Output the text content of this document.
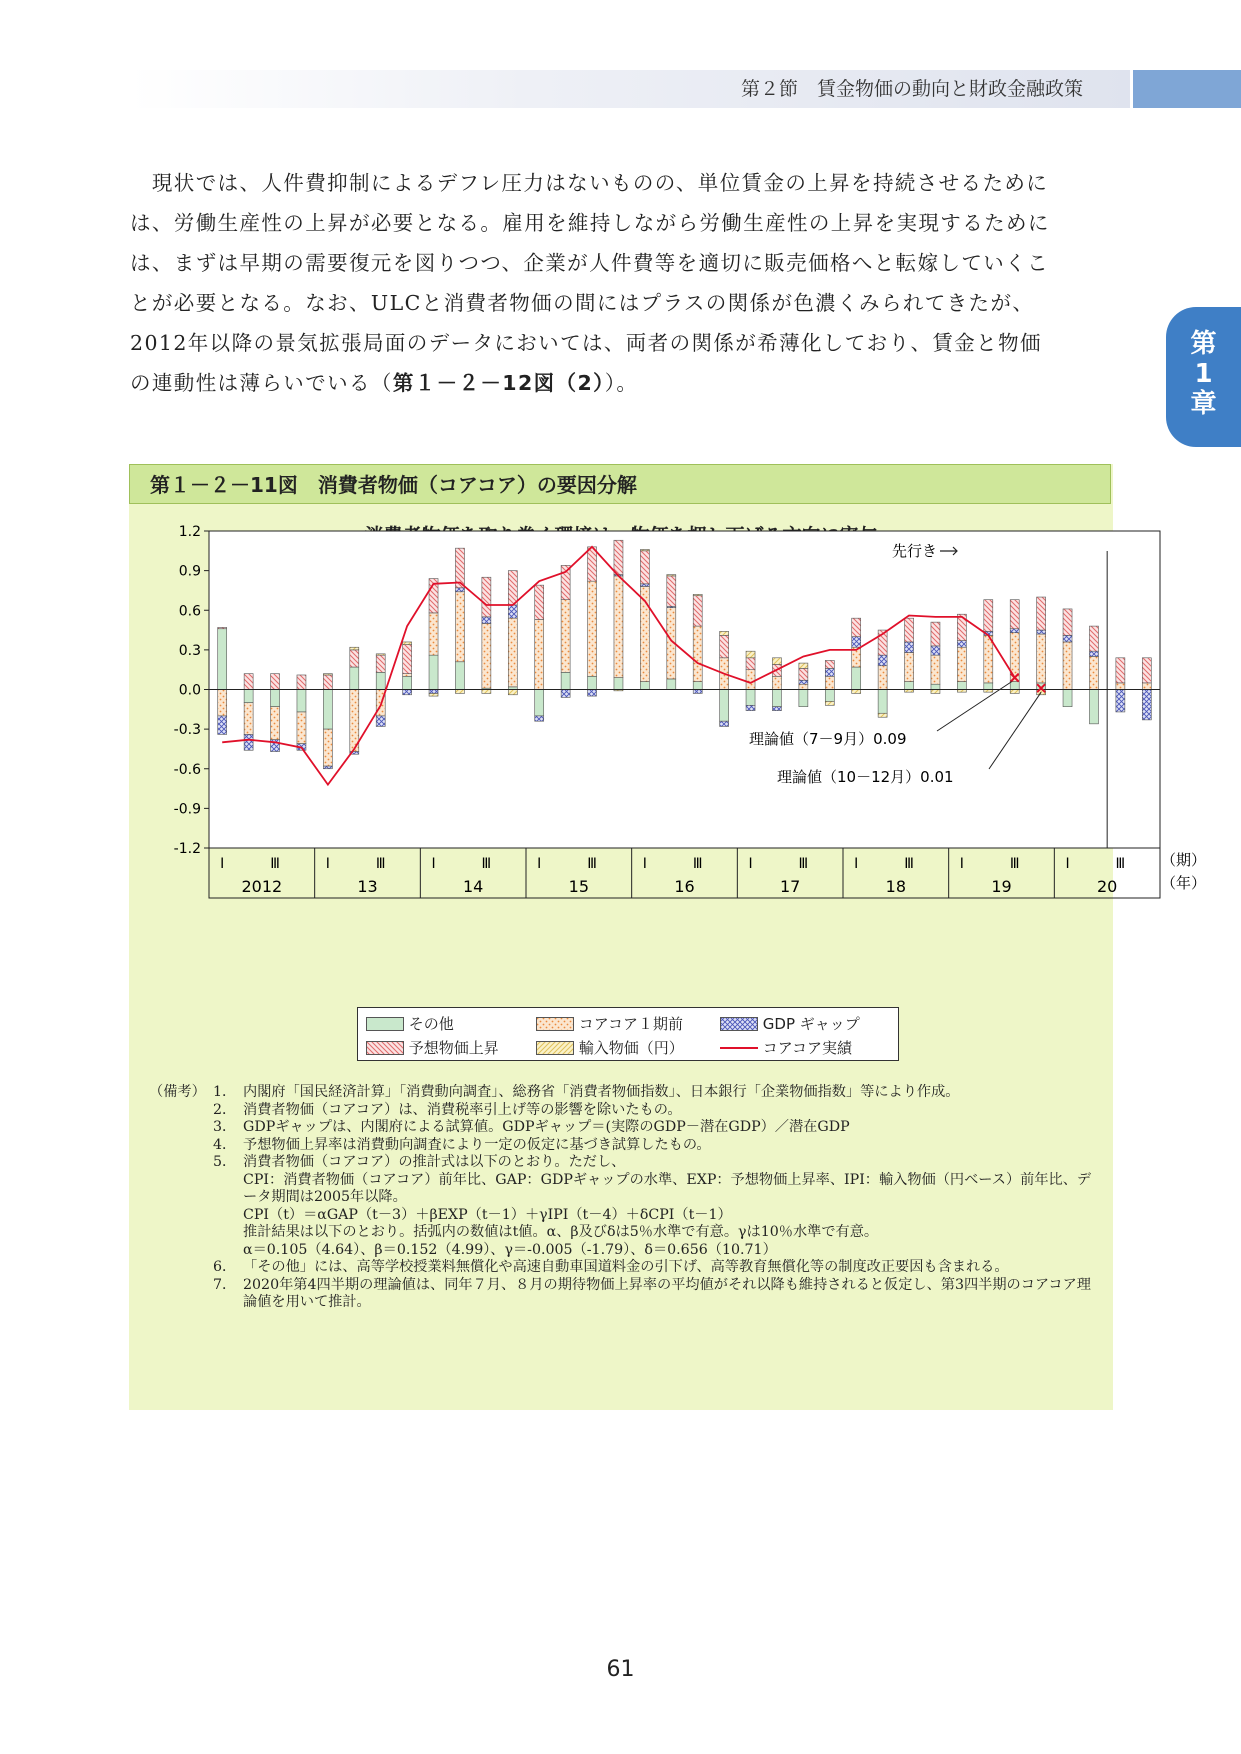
第２節　賃金物価の動向と財政金融政策
第
1
章

　現状では、人件費抑制によるデフレ圧力はないものの、単位賃金の上昇を持続させるために

は、労働生産性の上昇が必要となる。雇用を維持しながら労働生産性の上昇を実現するために

は、まずは早期の需要復元を図りつつ、企業が人件費等を適切に販売価格へと転嫁していくこ

とが必要となる。なお、ULCと消費者物価の間にはプラスの関係が色濃くみられてきたが、

2012年以降の景気拡張局面のデータにおいては、両者の関係が希薄化しており、賃金と物価

の連動性は薄らいでいる（第１－２－12図（2））。

第１－２－11図　消費者物価（コアコア）の要因分解
1.2
0.9
0.6
0.3
0.0
-0.3
-0.6
-0.9
-1.2
Ⅰ	Ⅲ
2012
Ⅰ	Ⅲ
13
Ⅰ	Ⅲ
14
Ⅰ	Ⅲ
15
Ⅰ	Ⅲ
16
Ⅰ	Ⅲ
17
Ⅰ	Ⅲ
18
Ⅰ	Ⅲ
19
Ⅰ	Ⅲ
20
先行き
理論値（7－9月）0.09
理論値（10－12月）0.01
（期）
（年）
その他	コアコア１期前	GDP ギャップ
予想物価上昇	輸入物価（円）	コアコア実績
（備考） 1． 内閣府「国民経済計算」「消費動向調査」、総務省「消費者物価指数」、日本銀行「企業物価指数」等により作成。
2． 消費者物価（コアコア）は、消費税率引上げ等の影響を除いたもの。
3． GDPギャップは、内閣府による試算値。GDPギャップ＝(実際のGDP－潜在GDP）／潜在GDP
4． 予想物価上昇率は消費動向調査により一定の仮定に基づき試算したもの。
5． 消費者物価（コアコア）の推計式は以下のとおり。ただし、
CPI：消費者物価（コアコア）前年比、GAP：GDPギャップの水準、EXP：予想物価上昇率、IPI：輸入物価（円ベース）前年比、データ期間は2005年以降。
CPI（t）＝αGAP（t－3）＋βEXP（t－1）＋γIPI（t－4）＋δCPI（t－1）
推計結果は以下のとおり。括弧内の数値はt値。α、β及びδは5％水準で有意。γは10％水準で有意。
α＝0.105（4.64）、β＝0.152（4.99）、γ＝-0.005（-1.79）、δ＝0.656（10.71）
6． 「その他」には、高等学校授業料無償化や高速自動車国道料金の引下げ、高等教育無償化等の制度改正要因も含まれる。
7． 2020年第4四半期の理論値は、同年７月、８月の期待物価上昇率の平均値がそれ以降も維持されると仮定し、第3四半期のコアコア理論値を用いて推計。
61
